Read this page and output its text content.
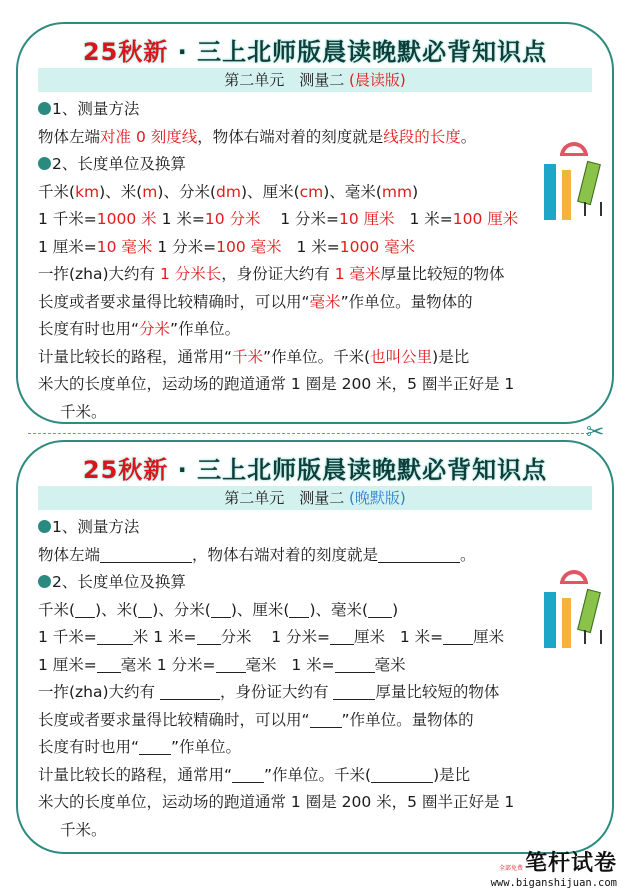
25秋新 · 三上北师版晨读晚默必背知识点
第二单元　测量二 (晨读版)
1、测量方法
物体左端对准 0 刻度线，物体右端对着的刻度就是线段的长度。
2、长度单位及换算
千米(km)、米(m)、分米(dm)、厘米(cm)、毫米(mm)
1 千米=1000 米 1 米=10 分米 1 分米=10 厘米 1 米=100 厘米
1 厘米=10 毫米 1 分米=100 毫米 1 米=1000 毫米
一拃(zha)大约有 1 分米长，身份证大约有 1 毫米厚量比较短的物体
长度或者要求量得比较精确时，可以用“毫米”作单位。量物体的
长度有时也用“分米”作单位。
计量比较长的路程，通常用“千米”作单位。千米(也叫公里)是比
米大的长度单位，运动场的跑道通常 1 圈是 200 米，5 圈半正好是 1
千米。
✂
25秋新 · 三上北师版晨读晚默必背知识点
第二单元　测量二 (晚默版)
1、测量方法
物体左端	，物体右端对着的刻度就是	。
2、长度单位及换算
千米( )、米( )、分米( )、厘米( )、毫米( )
1 千米= 米 1 米= 分米 1 分米= 厘米 1 米= 厘米
1 厘米= 毫米 1 分米= 毫米 1 米=	毫米
一拃(zha)大约有	，身份证大约有	厚量比较短的物体
长度或者要求量得比较精确时，可以用“ ”作单位。量物体的
长度有时也用“ ”作单位。
计量比较长的路程，通常用“ ”作单位。千米(	)是比
米大的长度单位，运动场的跑道通常 1 圈是 200 米，5 圈半正好是 1
千米。
全部免费笔杆试卷
www.biganshijuan.com
